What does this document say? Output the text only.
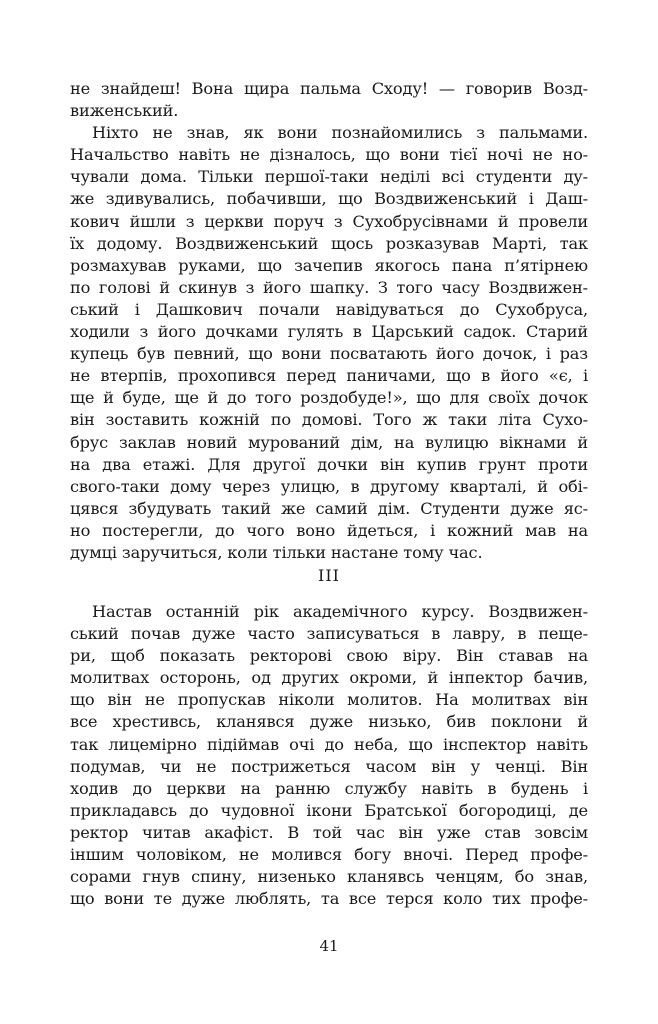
не знайдеш! Вона щира пальма Сходу! — говорив Возд-
виженський.
Ніхто не знав, як вони познайомились з пальмами.
Начальство навіть не дізналось, що вони тієї ночі не но-
чували дома. Тільки першої-таки неділі всі студенти ду-
же здивувались, побачивши, що Воздвиженський і Даш-
кович йшли з церкви поруч з Сухобрусівнами й провели
їх додому. Воздвиженський щось розказував Марті, так
розмахував руками, що зачепив якогось пана п’ятірнею
по голові й скинув з його шапку. З того часу Воздвижен-
ський і Дашкович почали навідуваться до Сухобруса,
ходили з його дочками гулять в Царський садок. Старий
купець був певний, що вони посватають його дочок, і раз
не втерпів, прохопився перед паничами, що в його «є, і
ще й буде, ще й до того роздобуде!», що для своїх дочок
він зоставить кожній по домові. Того ж таки літа Сухо-
брус заклав новий мурований дім, на вулицю вікнами й
на два етажі. Для другої дочки він купив грунт проти
свого-таки дому через улицю, в другому кварталі, й обі-
цявся збудувать такий же самий дім. Студенти дуже яс-
но постерегли, до чого воно йдеться, і кожний мав на
думці заручиться, коли тільки настане тому час.
III
Настав останній рік академічного курсу. Воздвижен-
ський почав дуже часто записуваться в лавру, в пеще-
ри, щоб показать ректорові свою віру. Він ставав на
молитвах осторонь, од других окроми, й інпектор бачив,
що він не пропускав ніколи молитов. На молитвах він
все хрестивсь, кланявся дуже низько, бив поклони й
так лицемірно підіймав очі до неба, що інспектор навіть
подумав, чи не пострижеться часом він у ченці. Він
ходив до церкви на ранню службу навіть в будень і
прикладавсь до чудовної ікони Братської богородиці, де
ректор читав акафіст. В той час він уже став зовсім
іншим чоловіком, не молився богу вночі. Перед профе-
сорами гнув спину, низенько кланявсь ченцям, бо знав,
що вони те дуже люблять, та все терся коло тих профе-
41
